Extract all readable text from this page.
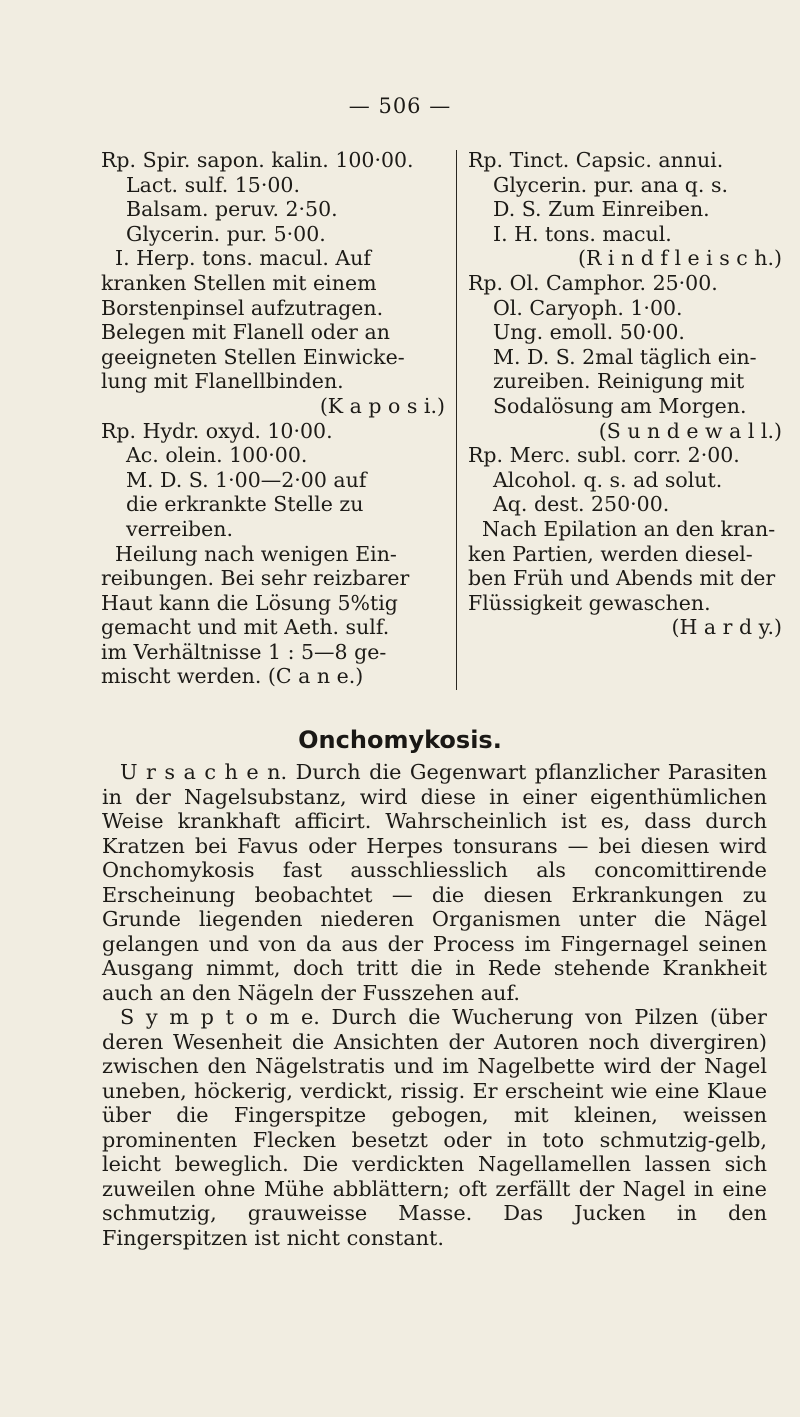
— 506 —
Rp. Spir. sapon. kalin. 100·00.
Lact. sulf. 15·00.
Balsam. peruv. 2·50.
Glycerin. pur. 5·00.
I. Herp. tons. macul. Auf
kranken Stellen mit einem
Borstenpinsel aufzutragen.
Belegen mit Flanell oder an
geeigneten Stellen Einwicke-
lung mit Flanellbinden.
(K a p o s i.)
Rp. Hydr. oxyd. 10·00.
Ac. olein. 100·00.
M. D. S. 1·00—2·00 auf
die erkrankte Stelle zu
verreiben.
Heilung nach wenigen Ein-
reibungen. Bei sehr reizbarer
Haut kann die Lösung 5%tig
gemacht und mit Aeth. sulf.
im Verhältnisse 1 : 5—8 ge-
mischt werden. (C a n e.)
Rp. Tinct. Capsic. annui.
Glycerin. pur. ana q. s.
D. S. Zum Einreiben.
I. H. tons. macul.
(R i n d f l e i s c h.)
Rp. Ol. Camphor. 25·00.
Ol. Caryoph. 1·00.
Ung. emoll. 50·00.
M. D. S. 2mal täglich ein-
zureiben. Reinigung mit
Sodalösung am Morgen.
(S u n d e w a l l.)
Rp. Merc. subl. corr. 2·00.
Alcohol. q. s. ad solut.
Aq. dest. 250·00.
Nach Epilation an den kran-
ken Partien, werden diesel-
ben Früh und Abends mit der
Flüssigkeit gewaschen.
(H a r d y.)
Onchomykosis.

U r s a c h e n. Durch die Gegenwart pflanzlicher Parasiten in der Nagelsubstanz, wird diese in einer eigenthümlichen Weise krankhaft afficirt. Wahrscheinlich ist es, dass durch Kratzen bei Favus oder Herpes tonsurans — bei diesen wird Onchomykosis fast ausschliesslich als concomittirende Erscheinung beobachtet — die diesen Erkrankungen zu Grunde liegenden niederen Organismen unter die Nägel gelangen und von da aus der Process im Fingernagel seinen Ausgang nimmt, doch tritt die in Rede stehende Krankheit auch an den Nägeln der Fusszehen auf.

S y m p t o m e. Durch die Wucherung von Pilzen (über deren Wesenheit die Ansichten der Autoren noch divergiren) zwischen den Nägelstratis und im Nagelbette wird der Nagel uneben, höckerig, verdickt, rissig. Er erscheint wie eine Klaue über die Fingerspitze gebogen, mit kleinen, weissen prominenten Flecken besetzt oder in toto schmutzig-gelb, leicht beweglich. Die verdickten Nagellamellen lassen sich zuweilen ohne Mühe abblättern; oft zerfällt der Nagel in eine schmutzig, grauweisse Masse. Das Jucken in den Fingerspitzen ist nicht constant.
